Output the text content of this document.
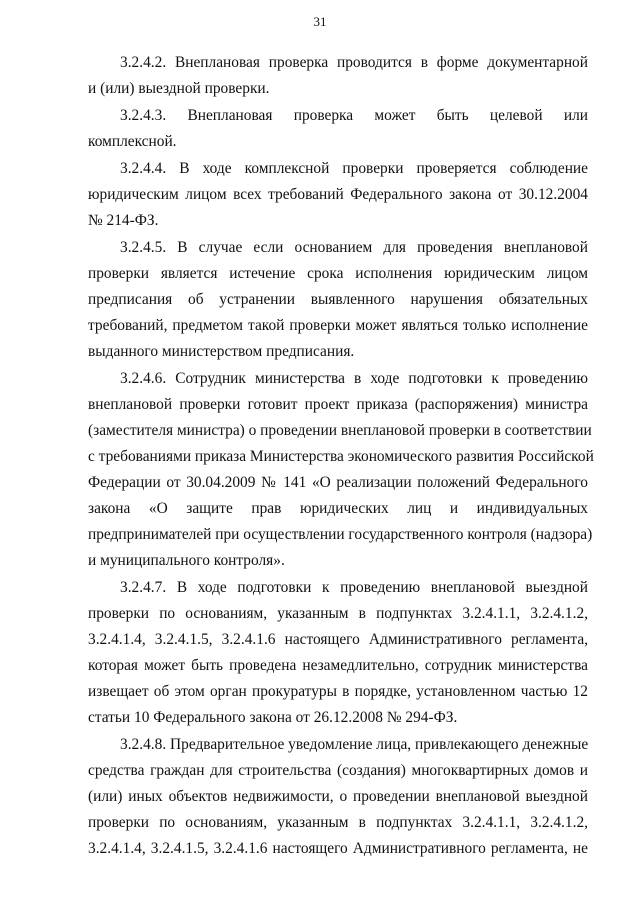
31
3.2.4.2. Внеплановая проверка проводится в форме документарной
и (или) выездной проверки.
3.2.4.3. Внеплановая проверка может быть целевой или
комплексной.
3.2.4.4. В ходе комплексной проверки проверяется соблюдение
юридическим лицом всех требований Федерального закона от 30.12.2004
№ 214-ФЗ.
3.2.4.5. В случае если основанием для проведения внеплановой
проверки является истечение срока исполнения юридическим лицом
предписания об устранении выявленного нарушения обязательных
требований, предметом такой проверки может являться только исполнение
выданного министерством предписания.
3.2.4.6. Сотрудник министерства в ходе подготовки к проведению
внеплановой проверки готовит проект приказа (распоряжения) министра
(заместителя министра) о проведении внеплановой проверки в соответствии
с требованиями приказа Министерства экономического развития Российской
Федерации от 30.04.2009 № 141 «О реализации положений Федерального
закона «О защите прав юридических лиц и индивидуальных
предпринимателей при осуществлении государственного контроля (надзора)
и муниципального контроля».
3.2.4.7. В ходе подготовки к проведению внеплановой выездной
проверки по основаниям, указанным в подпунктах 3.2.4.1.1, 3.2.4.1.2,
3.2.4.1.4, 3.2.4.1.5, 3.2.4.1.6 настоящего Административного регламента,
которая может быть проведена незамедлительно, сотрудник министерства
извещает об этом орган прокуратуры в порядке, установленном частью 12
статьи 10 Федерального закона от 26.12.2008 № 294-ФЗ.
3.2.4.8. Предварительное уведомление лица, привлекающего денежные
средства граждан для строительства (создания) многоквартирных домов и
(или) иных объектов недвижимости, о проведении внеплановой выездной
проверки по основаниям, указанным в подпунктах 3.2.4.1.1, 3.2.4.1.2,
3.2.4.1.4, 3.2.4.1.5, 3.2.4.1.6 настоящего Административного регламента, не
